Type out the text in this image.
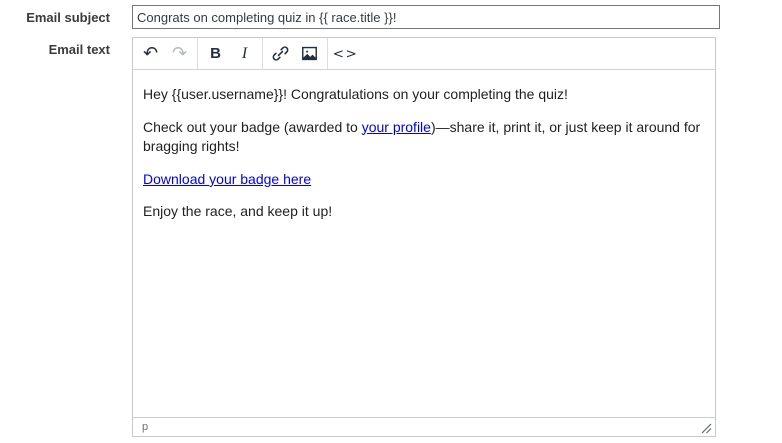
Email subject
Congrats on completing quiz in {{ race.title }}!
Email text ↶ ↷ B I	<>

Hey {{user.username}}! Congratulations on your completing the quiz!

Check out your badge (awarded to your profile)—share it, print it, or just keep it around for bragging rights!

Download your badge here

Enjoy the race, and keep it up!

p
